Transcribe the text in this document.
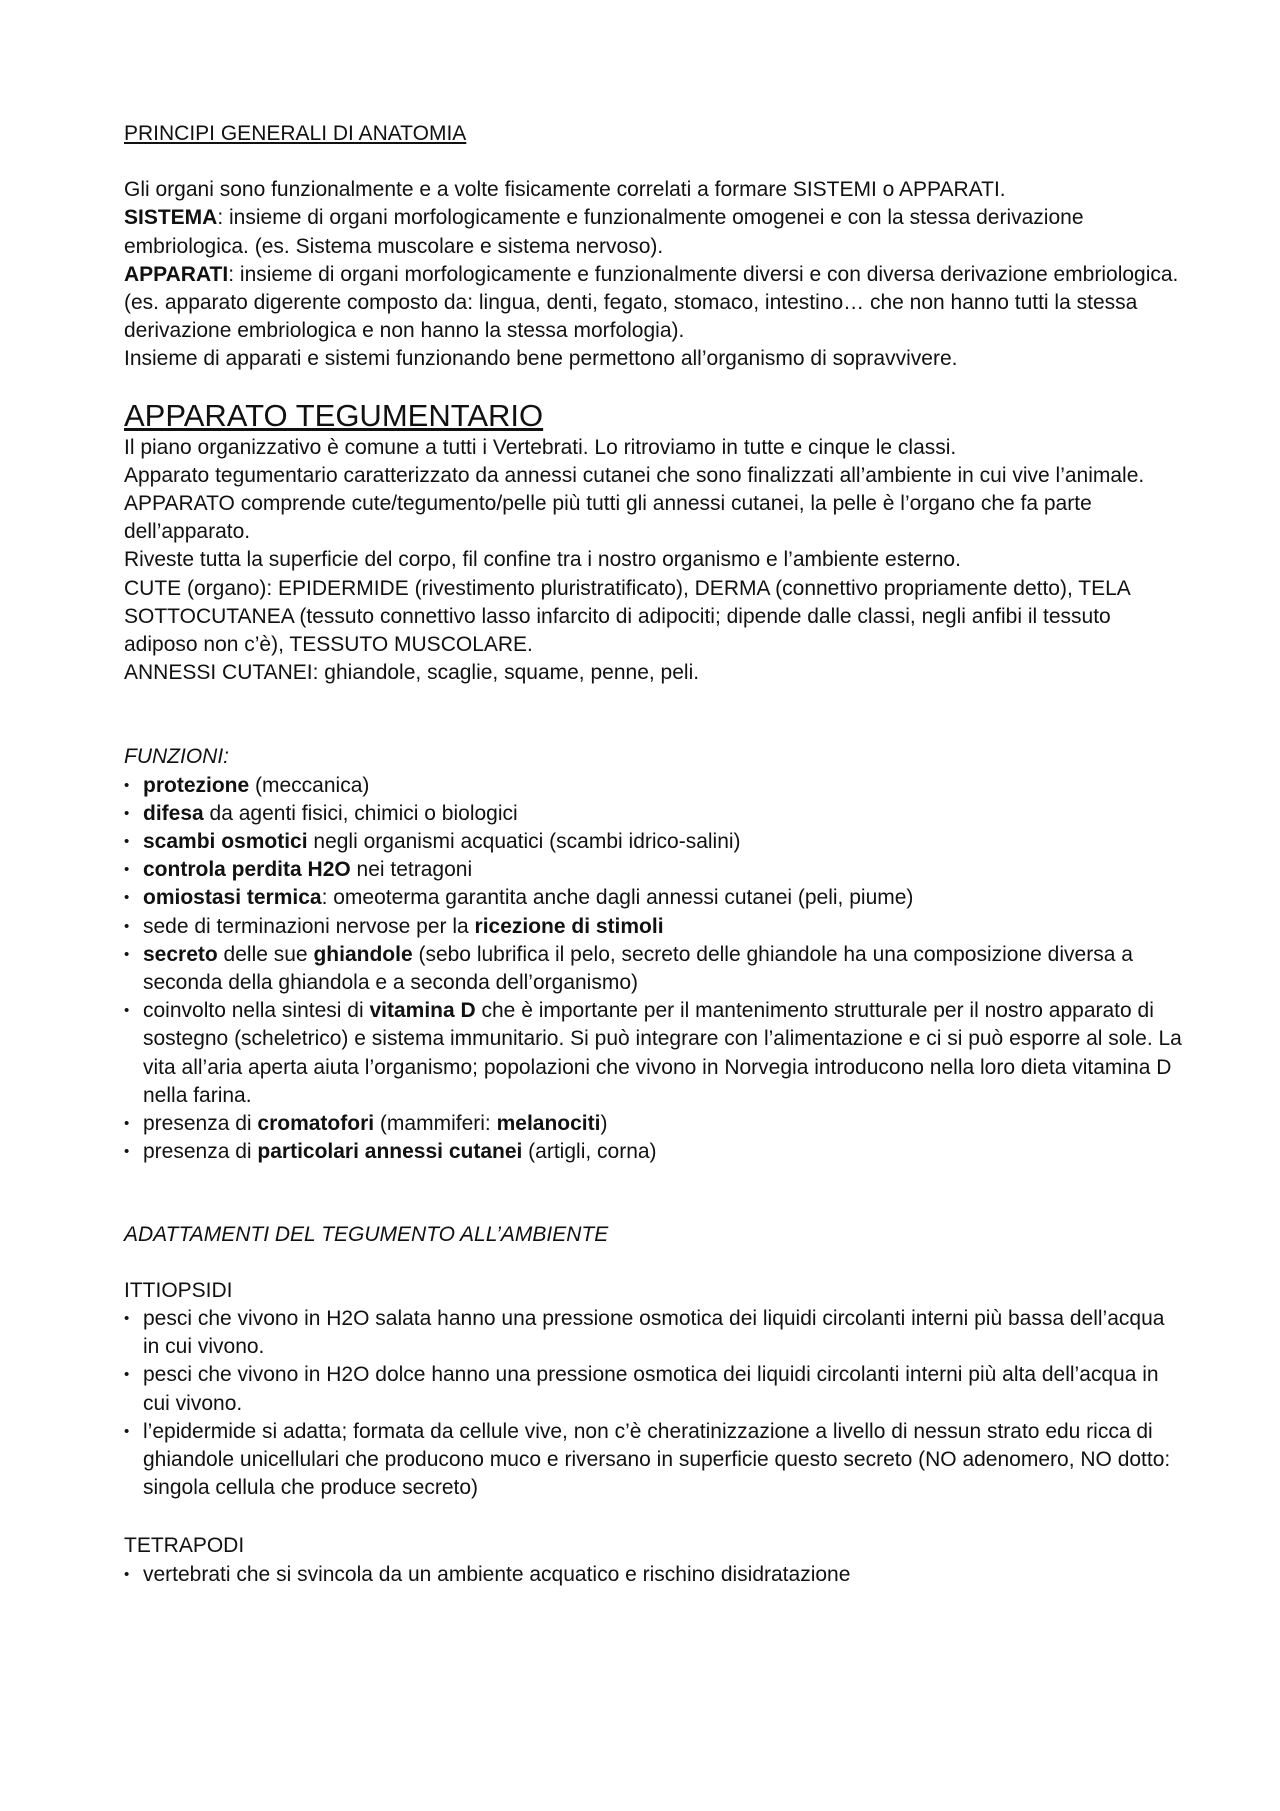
PRINCIPI GENERALI DI ANATOMIA

Gli organi sono funzionalmente e a volte fisicamente correlati a formare SISTEMI o APPARATI.

SISTEMA: insieme di organi morfologicamente e funzionalmente omogenei e con la stessa derivazione embriologica. (es. Sistema muscolare e sistema nervoso).

APPARATI: insieme di organi morfologicamente e funzionalmente diversi e con diversa derivazione embriologica. (es. apparato digerente composto da: lingua, denti, fegato, stomaco, intestino… che non hanno tutti la stessa derivazione embriologica e non hanno la stessa morfologia).

Insieme di apparati e sistemi funzionando bene permettono all’organismo di sopravvivere.

APPARATO TEGUMENTARIO

Il piano organizzativo è comune a tutti i Vertebrati. Lo ritroviamo in tutte e cinque le classi.

Apparato tegumentario caratterizzato da annessi cutanei che sono finalizzati all’ambiente in cui vive l’animale.

APPARATO comprende cute/tegumento/pelle più tutti gli annessi cutanei, la pelle è l’organo che fa parte dell’apparato.

Riveste tutta la superficie del corpo, fil confine tra i nostro organismo e l’ambiente esterno.

CUTE (organo): EPIDERMIDE (rivestimento pluristratificato), DERMA (connettivo propriamente detto), TELA SOTTOCUTANEA (tessuto connettivo lasso infarcito di adipociti; dipende dalle classi, negli anfibi il tessuto adiposo non c’è), TESSUTO MUSCOLARE.

ANNESSI CUTANEI: ghiandole, scaglie, squame, penne, peli.

FUNZIONI:

• protezione (meccanica)
• difesa da agenti fisici, chimici o biologici
• scambi osmotici negli organismi acquatici (scambi idrico-salini)
• controla perdita H2O nei tetragoni
• omiostasi termica: omeoterma garantita anche dagli annessi cutanei (peli, piume)
• sede di terminazioni nervose per la ricezione di stimoli
• secreto delle sue ghiandole (sebo lubrifica il pelo, secreto delle ghiandole ha una composizione diversa a seconda della ghiandola e a seconda dell’organismo)
• coinvolto nella sintesi di vitamina D che è importante per il mantenimento strutturale per il nostro apparato di sostegno (scheletrico) e sistema immunitario. Si può integrare con l’alimentazione e ci si può esporre al sole. La vita all’aria aperta aiuta l’organismo; popolazioni che vivono in Norvegia introducono nella loro dieta vitamina D nella farina.
• presenza di cromatofori (mammiferi: melanociti)
• presenza di particolari annessi cutanei (artigli, corna)

ADATTAMENTI DEL TEGUMENTO ALL’AMBIENTE

ITTIOPSIDI

• pesci che vivono in H2O salata hanno una pressione osmotica dei liquidi circolanti interni più bassa dell’acqua in cui vivono.
• pesci che vivono in H2O dolce hanno una pressione osmotica dei liquidi circolanti interni più alta dell’acqua in cui vivono.
• l’epidermide si adatta; formata da cellule vive, non c’è cheratinizzazione a livello di nessun strato edu ricca di ghiandole unicellulari che producono muco e riversano in superficie questo secreto (NO adenomero, NO dotto: singola cellula che produce secreto)

TETRAPODI

• vertebrati che si svincola da un ambiente acquatico e rischino disidratazione
